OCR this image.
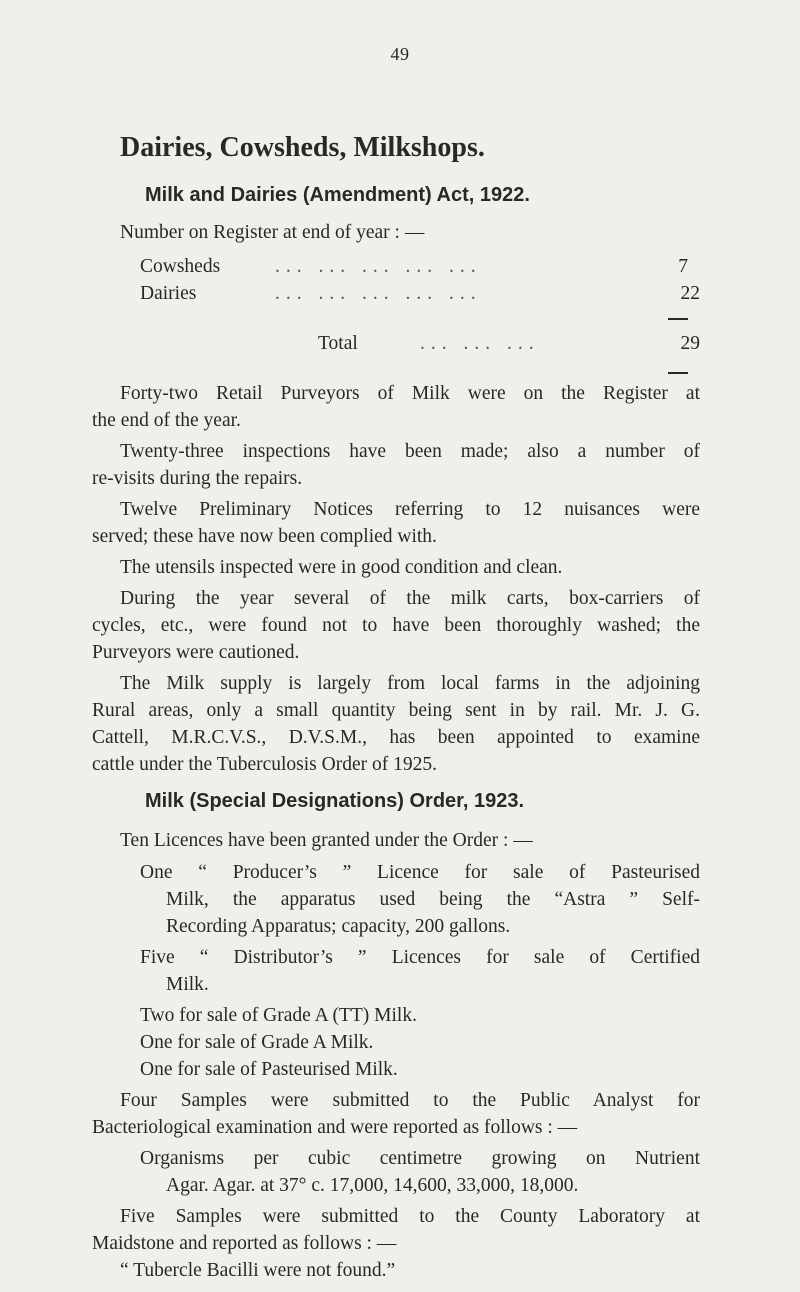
49
Dairies, Cowsheds, Milkshops.
Milk and Dairies (Amendment) Act, 1922.
Number on Register at end of year : —
Cowsheds	... ... ... ... ...	7
Dairies	... ... ... ... ...	22
Total	... ... ...	29
Forty-two Retail Purveyors of Milk were on the Register at
the end of the year.
Twenty-three inspections have been made; also a number of
re-visits during the repairs.
Twelve Preliminary Notices referring to 12 nuisances were
served; these have now been complied with.
The utensils inspected were in good condition and clean.
During the year several of the milk carts, box-carriers of
cycles, etc., were found not to have been thoroughly washed; the
Purveyors were cautioned.
The Milk supply is largely from local farms in the adjoining
Rural areas, only a small quantity being sent in by rail. Mr. J. G.
Cattell, M.R.C.V.S., D.V.S.M., has been appointed to examine
cattle under the Tuberculosis Order of 1925.
Milk (Special Designations) Order, 1923.
Ten Licences have been granted under the Order : —
One “ Producer’s ” Licence for sale of Pasteurised
Milk, the apparatus used being the “Astra ” Self-
Recording Apparatus; capacity, 200 gallons.
Five “ Distributor’s ” Licences for sale of Certified
Milk.
Two for sale of Grade A (TT) Milk.
One for sale of Grade A Milk.
One for sale of Pasteurised Milk.
Four Samples were submitted to the Public Analyst for
Bacteriological examination and were reported as follows : —
Organisms per cubic centimetre growing on Nutrient
Agar. Agar. at 37° c. 17,000, 14,600, 33,000, 18,000.
Five Samples were submitted to the County Laboratory at
Maidstone and reported as follows : —
“ Tubercle Bacilli were not found.”
